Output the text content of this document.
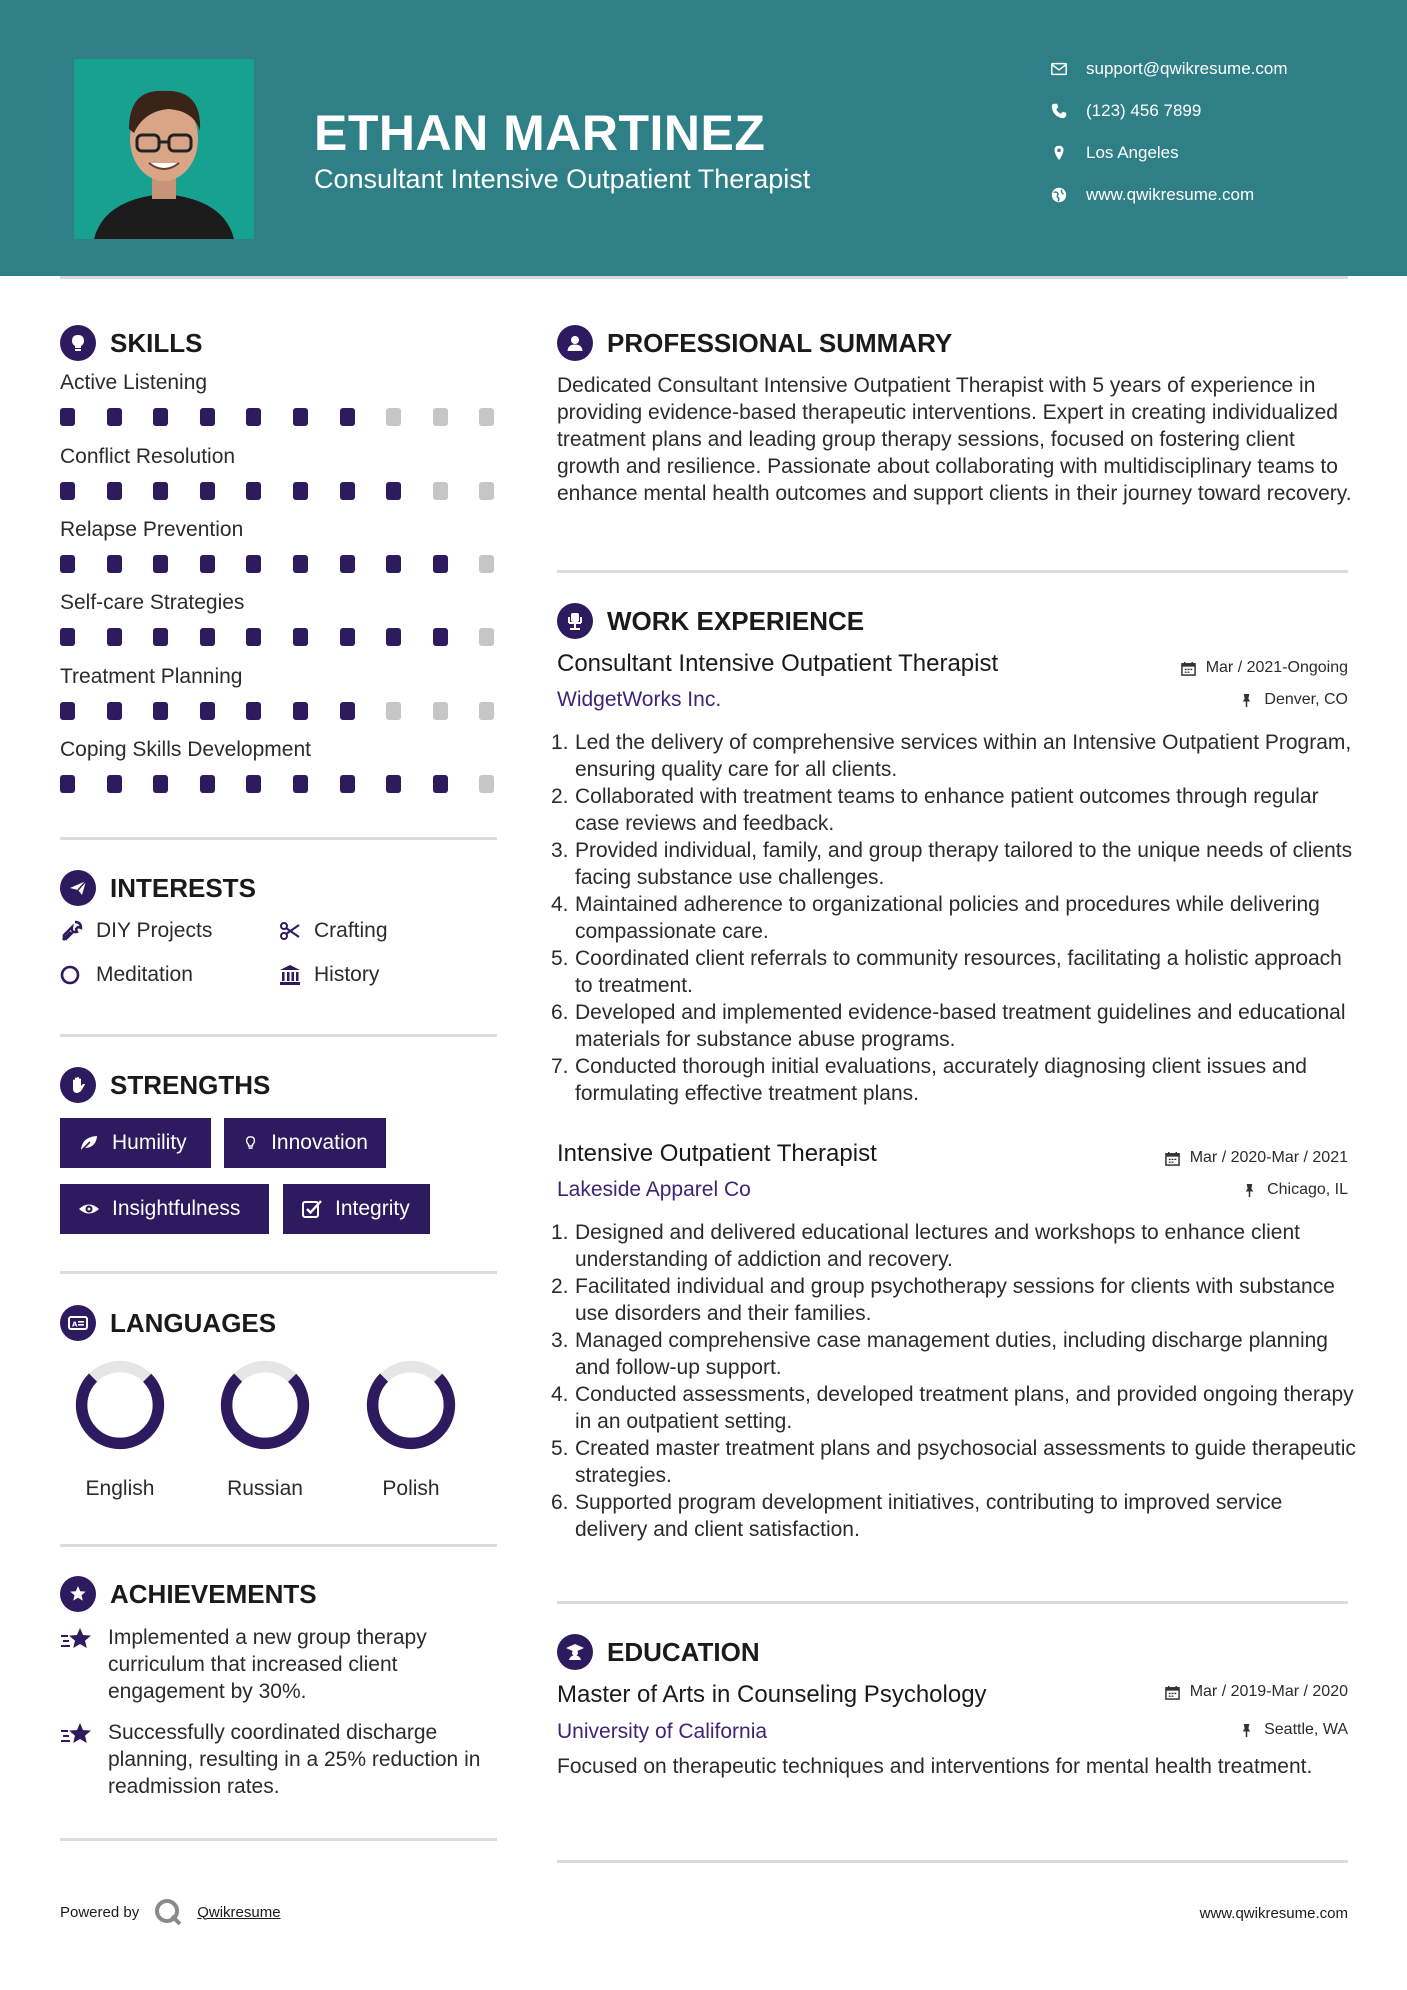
ETHAN MARTINEZ
Consultant Intensive Outpatient Therapist
support@qwikresume.com
(123) 456 7899
Los Angeles
www.qwikresume.com
SKILLS
Active Listening
Conflict Resolution
Relapse Prevention
Self-care Strategies
Treatment Planning
Coping Skills Development
INTERESTS
DIY Projects	Crafting
Meditation	History
STRENGTHS
Humility	Innovation
Insightfulness	Integrity
A LANGUAGES
English	Russian	Polish
ACHIEVEMENTS
Implemented a new group therapy curriculum that increased client engagement by 30%.
Successfully coordinated discharge planning, resulting in a 25% reduction in readmission rates.
PROFESSIONAL SUMMARY
Dedicated Consultant Intensive Outpatient Therapist with 5 years of experience in providing evidence-based therapeutic interventions. Expert in creating individualized treatment plans and leading group therapy sessions, focused on fostering client growth and resilience. Passionate about collaborating with multidisciplinary teams to enhance mental health outcomes and support clients in their journey toward recovery.
WORK EXPERIENCE
Consultant Intensive Outpatient Therapist	Mar / 2021-Ongoing
WidgetWorks Inc.	Denver, CO
1. Led the delivery of comprehensive services within an Intensive Outpatient Program, ensuring quality care for all clients.
2. Collaborated with treatment teams to enhance patient outcomes through regular case reviews and feedback.
3. Provided individual, family, and group therapy tailored to the unique needs of clients facing substance use challenges.
4. Maintained adherence to organizational policies and procedures while delivering compassionate care.
5. Coordinated client referrals to community resources, facilitating a holistic approach to treatment.
6. Developed and implemented evidence-based treatment guidelines and educational materials for substance abuse programs.
7. Conducted thorough initial evaluations, accurately diagnosing client issues and formulating effective treatment plans.
Intensive Outpatient Therapist	Mar / 2020-Mar / 2021
Lakeside Apparel Co	Chicago, IL
1. Designed and delivered educational lectures and workshops to enhance client understanding of addiction and recovery.
2. Facilitated individual and group psychotherapy sessions for clients with substance use disorders and their families.
3. Managed comprehensive case management duties, including discharge planning and follow-up support.
4. Conducted assessments, developed treatment plans, and provided ongoing therapy in an outpatient setting.
5. Created master treatment plans and psychosocial assessments to guide therapeutic strategies.
6. Supported program development initiatives, contributing to improved service delivery and client satisfaction.
EDUCATION
Master of Arts in Counseling Psychology	Mar / 2019-Mar / 2020
University of California	Seattle, WA
Focused on therapeutic techniques and interventions for mental health treatment.
Powered by	Qwikresume	www.qwikresume.com
